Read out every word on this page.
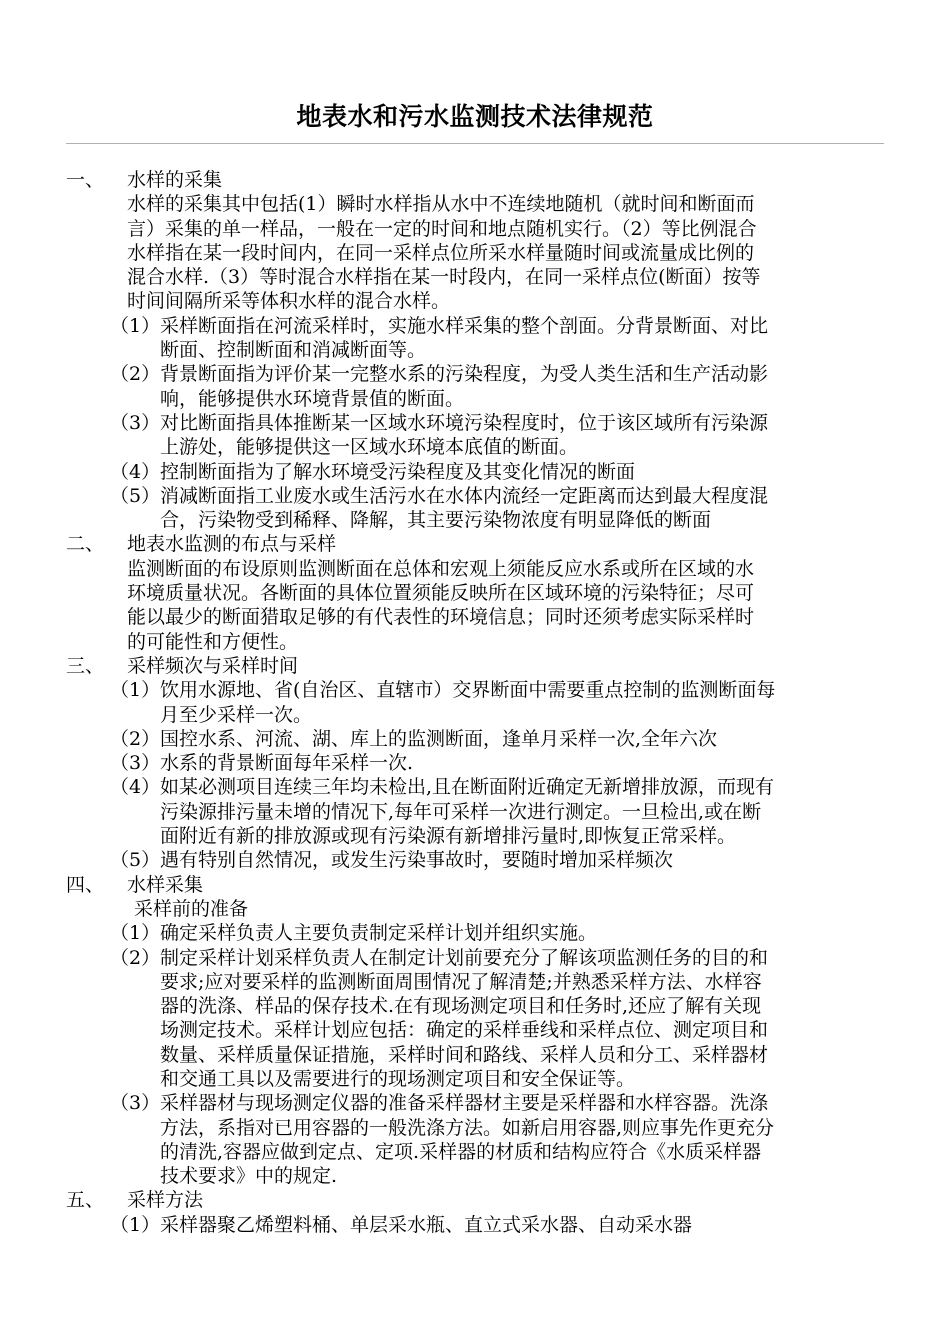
地表水和污水监测技术法律规范
一、 水样的采集
水样的采集其中包括(1）瞬时水样指从水中不连续地随机（就时间和断面而
言）采集的单一样品，一般在一定的时间和地点随机实行。（2）等比例混合
水样指在某一段时间内，在同一采样点位所采水样量随时间或流量成比例的
混合水样.（3）等时混合水样指在某一时段内，在同一采样点位(断面）按等
时间间隔所采等体积水样的混合水样。
（1） 采样断面指在河流采样时，实施水样采集的整个剖面。分背景断面、对比
断面、控制断面和消减断面等。
（2） 背景断面指为评价某一完整水系的污染程度，为受人类生活和生产活动影
响，能够提供水环境背景值的断面。
（3） 对比断面指具体推断某一区域水环境污染程度时，位于该区域所有污染源
上游处，能够提供这一区域水环境本底值的断面。
（4） 控制断面指为了解水环境受污染程度及其变化情况的断面
（5） 消减断面指工业废水或生活污水在水体内流经一定距离而达到最大程度混
合，污染物受到稀释、降解，其主要污染物浓度有明显降低的断面
二、 地表水监测的布点与采样
监测断面的布设原则监测断面在总体和宏观上须能反应水系或所在区域的水
环境质量状况。各断面的具体位置须能反映所在区域环境的污染特征；尽可
能以最少的断面猎取足够的有代表性的环境信息；同时还须考虑实际采样时
的可能性和方便性。
三、 采样频次与采样时间
（1） 饮用水源地、省(自治区、直辖市）交界断面中需要重点控制的监测断面每
月至少采样一次。
（2） 国控水系、河流、湖、库上的监测断面，逢单月采样一次,全年六次
（3） 水系的背景断面每年采样一次.
（4） 如某必测项目连续三年均未检出,且在断面附近确定无新增排放源，而现有
污染源排污量未增的情况下,每年可采样一次进行测定。一旦检出,或在断
面附近有新的排放源或现有污染源有新增排污量时,即恢复正常采样。
（5） 遇有特别自然情况，或发生污染事故时，要随时增加采样频次
四、 水样采集
采样前的准备
（1） 确定采样负责人主要负责制定采样计划并组织实施。
（2） 制定采样计划采样负责人在制定计划前要充分了解该项监测任务的目的和
要求;应对要采样的监测断面周围情况了解清楚;并熟悉采样方法、水样容
器的洗涤、样品的保存技术.在有现场测定项目和任务时,还应了解有关现
场测定技术。采样计划应包括：确定的采样垂线和采样点位、测定项目和
数量、采样质量保证措施，采样时间和路线、采样人员和分工、采样器材
和交通工具以及需要进行的现场测定项目和安全保证等。
（3） 采样器材与现场测定仪器的准备采样器材主要是采样器和水样容器。洗涤
方法，系指对已用容器的一般洗涤方法。如新启用容器,则应事先作更充分
的清洗,容器应做到定点、定项.采样器的材质和结构应符合《水质采样器
技术要求》中的规定.
五、 采样方法
（1） 采样器聚乙烯塑料桶、单层采水瓶、直立式采水器、自动采水器
